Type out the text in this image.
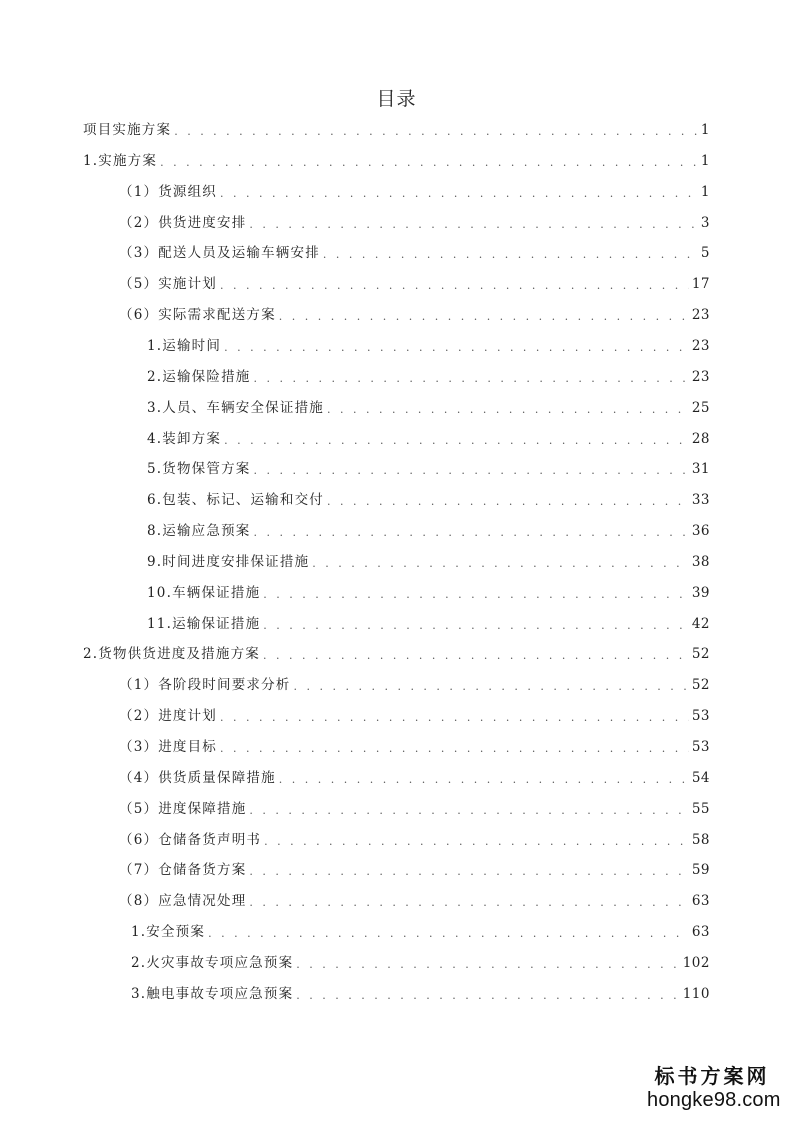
目录
项目实施方案 . . .	1
1.实施方案 . . .	1
（1）货源组织 . . .	1
（2）供货进度安排 . . .	3
（3）配送人员及运输车辆安排 . . .	5
（5）实施计划 . . .	17
（6）实际需求配送方案 . . .	23
1.运输时间 . . .	23
2.运输保险措施 . . .	23
3.人员、车辆安全保证措施 . . .	25
4.装卸方案 . . .	28
5.货物保管方案 . . .	31
6.包装、标记、运输和交付 . . .	33
8.运输应急预案 . . .	36
9.时间进度安排保证措施 . . .	38
10.车辆保证措施 . . .	39
11.运输保证措施 . . .	42
2.货物供货进度及措施方案 . . .	52
（1）各阶段时间要求分析 . . .	52
（2）进度计划 . . .	53
（3）进度目标 . . .	53
（4）供货质量保障措施 . . .	54
（5）进度保障措施 . . .	55
（6）仓储备货声明书 . . .	58
（7）仓储备货方案 . . .	59
（8）应急情况处理 . . .	63
1.安全预案 . . .	63
2.火灾事故专项应急预案 . . .	102
3.触电事故专项应急预案 . . .	110
标书方案网
hongke98.com
